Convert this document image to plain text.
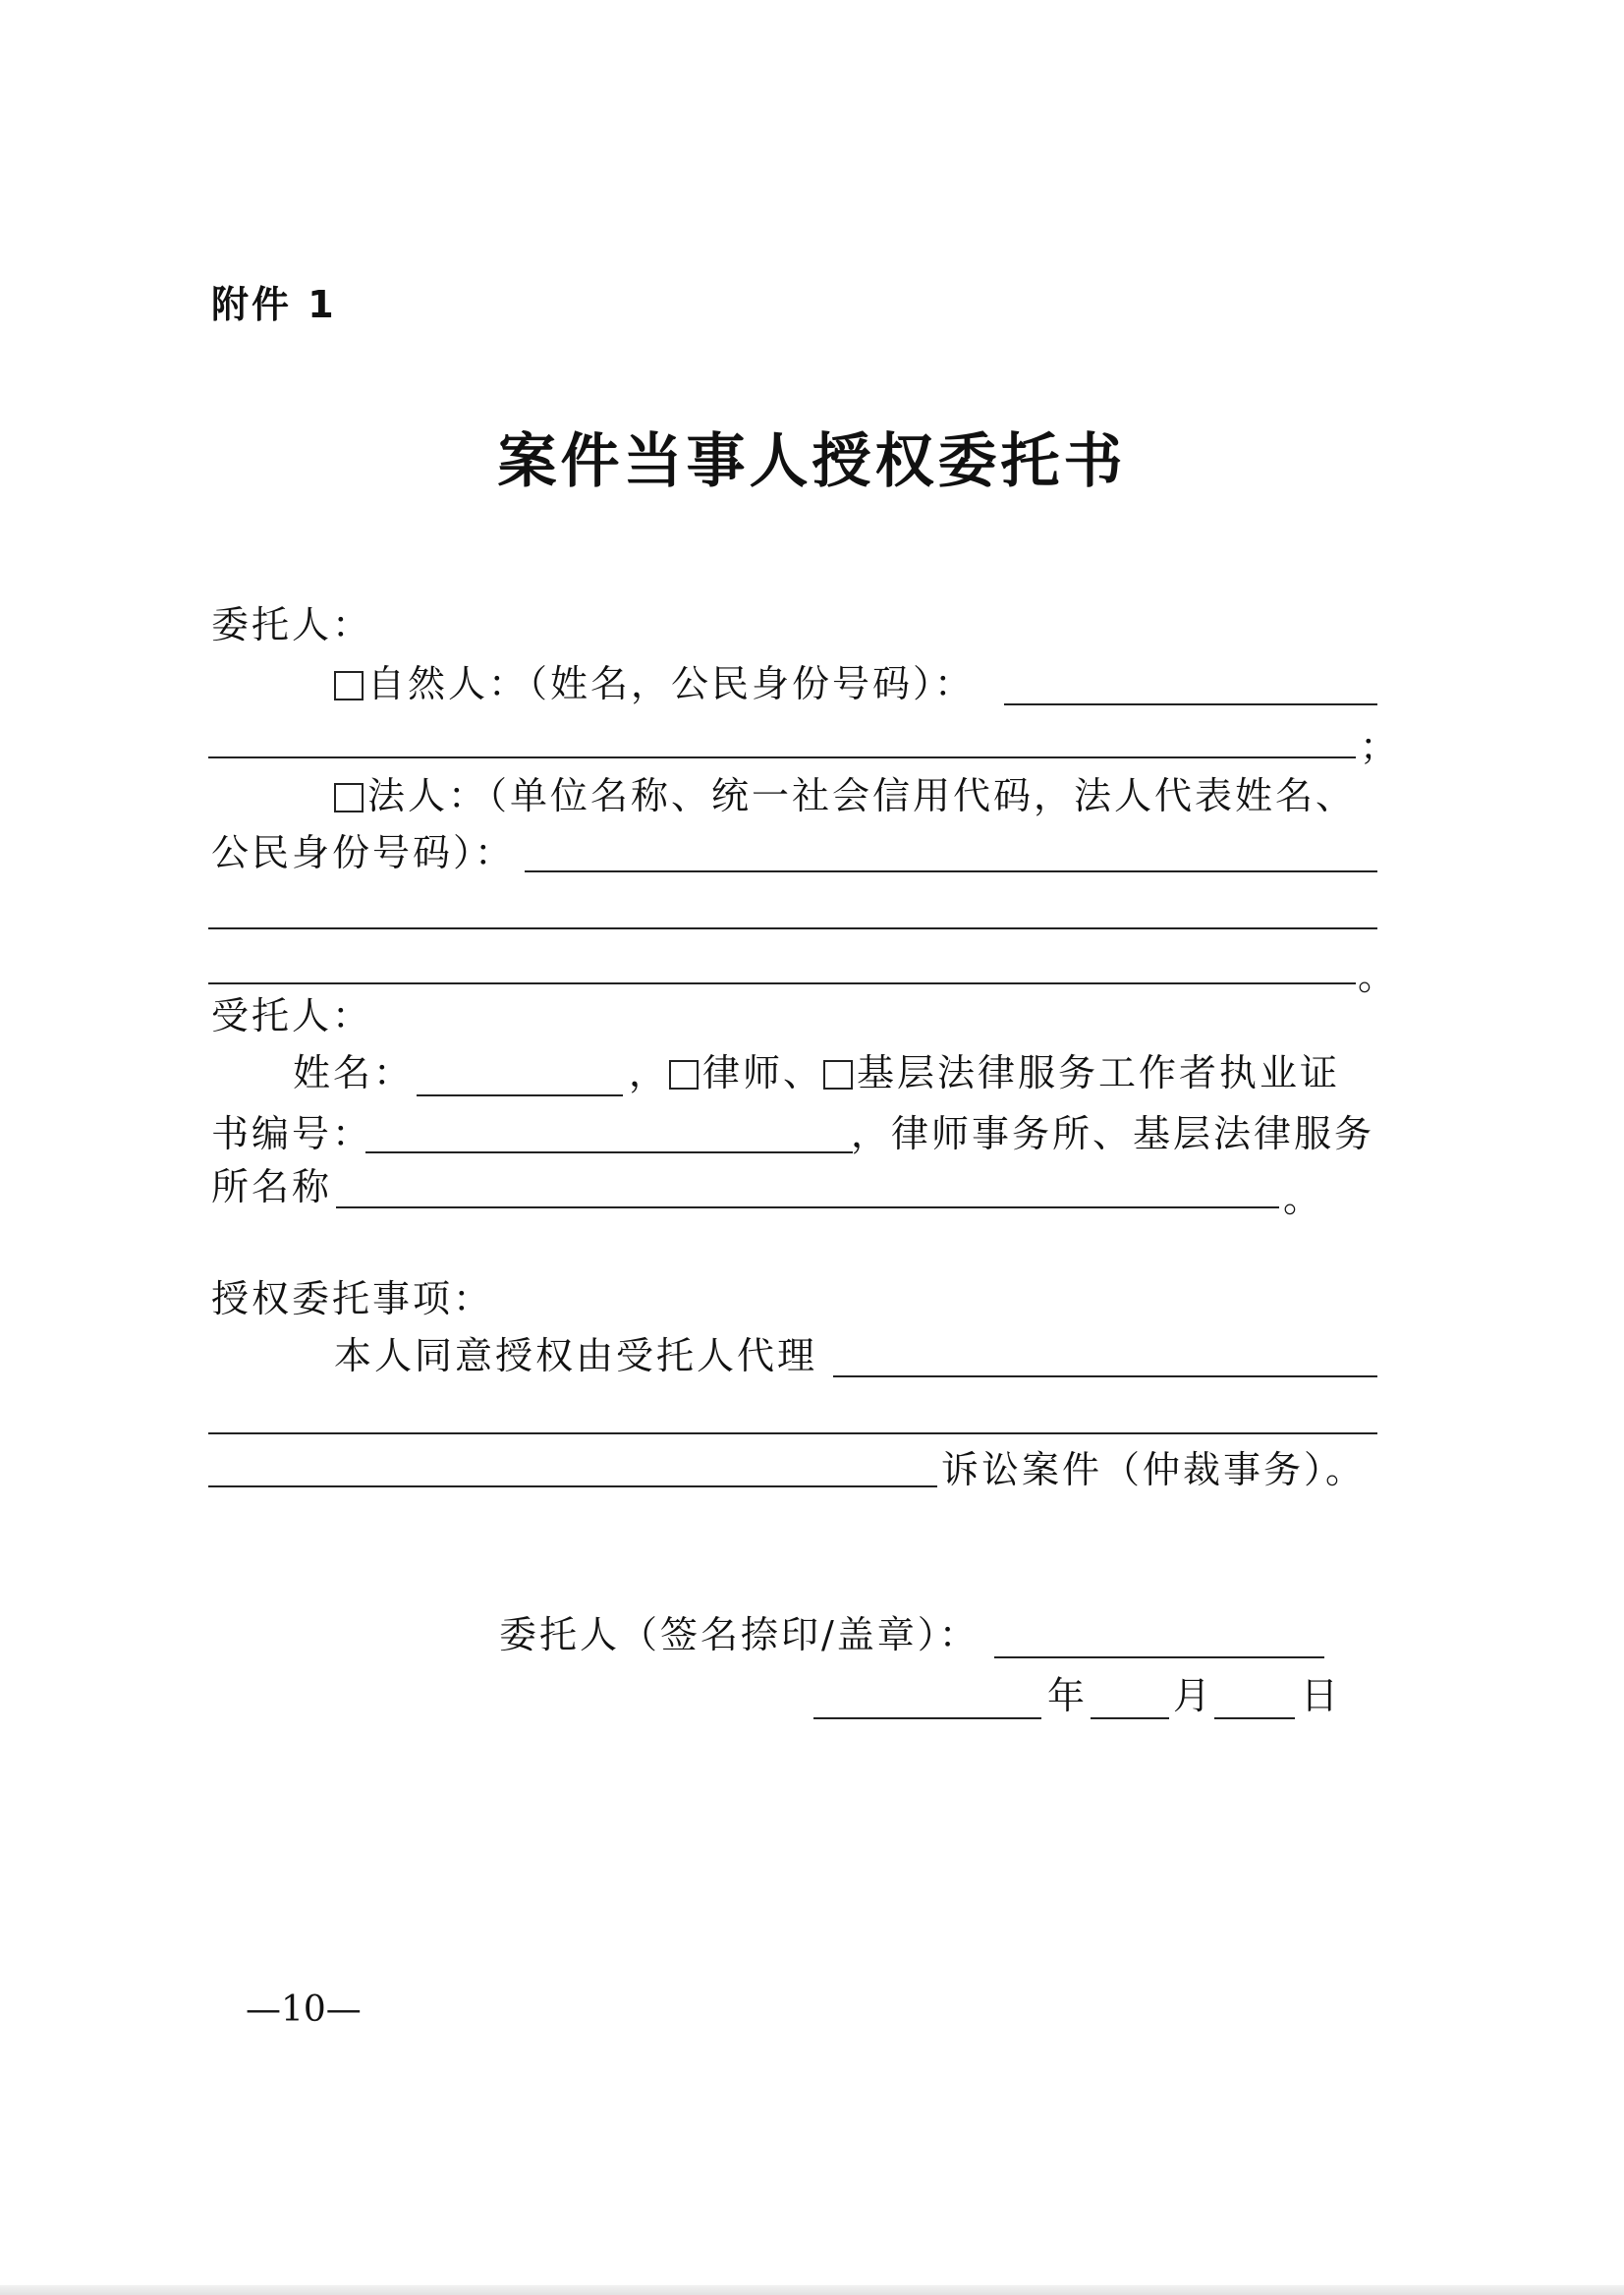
附件 1
案件当事人授权委托书
委托人：
自然人：（姓名，公民身份号码）：
；
法人：（单位名称、统一社会信用代码，法人代表姓名、
公民身份号码）：
。
受托人：
姓名：	， 律师、 基层法律服务工作者执业证
书编号：	，律师事务所、基层法律服务
所名称	。
授权委托事项：
本人同意授权由受托人代理
诉讼案件（仲裁事务）。
委托人（签名捺印/盖章）：
年 月 日
—10—
